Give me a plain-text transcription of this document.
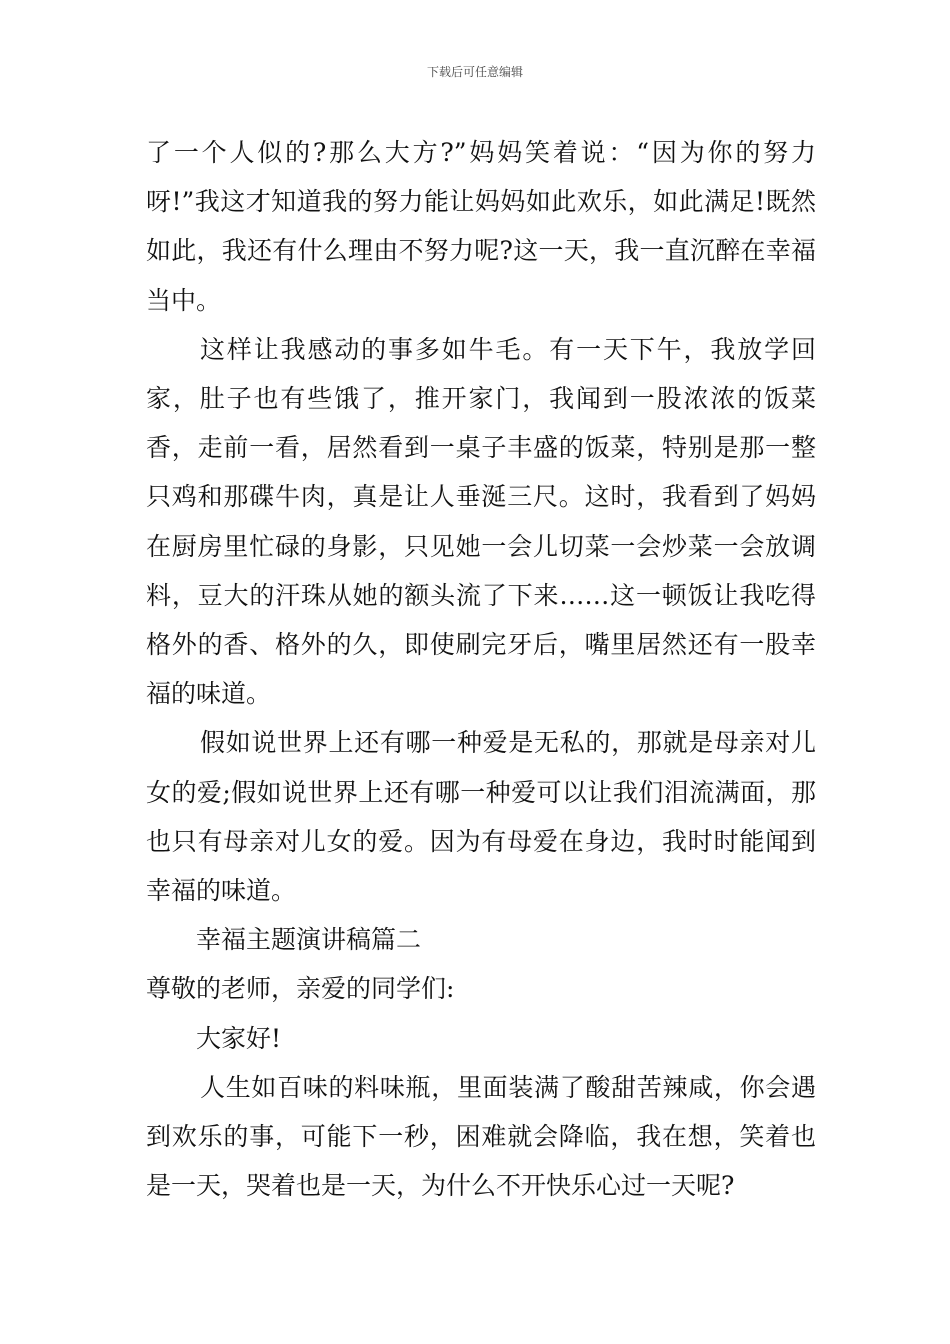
下载后可任意编辑

了一个人似的?那么大方?”妈妈笑着说：“因为你的努力呀!”我这才知道我的努力能让妈妈如此欢乐，如此满足!既然如此，我还有什么理由不努力呢?这一天，我一直沉醉在幸福当中。

这样让我感动的事多如牛毛。有一天下午，我放学回家，肚子也有些饿了，推开家门，我闻到一股浓浓的饭菜香，走前一看，居然看到一桌子丰盛的饭菜，特别是那一整只鸡和那碟牛肉，真是让人垂涎三尺。这时，我看到了妈妈在厨房里忙碌的身影，只见她一会儿切菜一会炒菜一会放调料，豆大的汗珠从她的额头流了下来……这一顿饭让我吃得格外的香、格外的久，即使刷完牙后，嘴里居然还有一股幸福的味道。

假如说世界上还有哪一种爱是无私的，那就是母亲对儿女的爱;假如说世界上还有哪一种爱可以让我们泪流满面，那也只有母亲对儿女的爱。因为有母爱在身边，我时时能闻到幸福的味道。

幸福主题演讲稿篇二

尊敬的老师，亲爱的同学们:

大家好!

人生如百味的料味瓶，里面装满了酸甜苦辣咸，你会遇到欢乐的事，可能下一秒，困难就会降临，我在想，笑着也是一天，哭着也是一天，为什么不开快乐心过一天呢?
